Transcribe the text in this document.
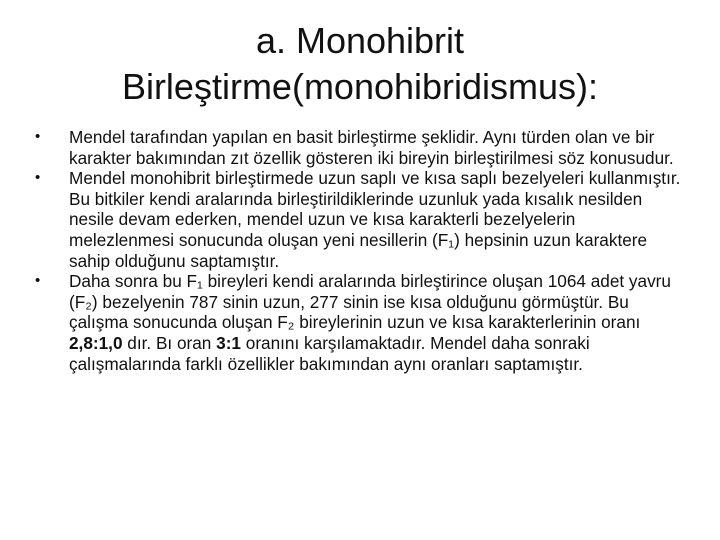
a. Monohibrit
Birleştirme(monohibridismus):
• Mendel tarafından yapılan en basit birleştirme şeklidir. Aynı türden olan ve bir karakter bakımından zıt özellik gösteren iki bireyin birleştirilmesi söz konusudur.
• Mendel monohibrit birleştirmede uzun saplı ve kısa saplı bezelyeleri kullanmıştır. Bu bitkiler kendi aralarında birleştirildiklerinde uzunluk yada kısalık nesilden nesile devam ederken, mendel uzun ve kısa karakterli bezelyelerin melezlenmesi sonucunda oluşan yeni nesillerin (F₁) hepsinin uzun karaktere sahip olduğunu saptamıştır.
• Daha sonra bu F₁ bireyleri kendi aralarında birleştirince oluşan 1064 adet yavru (F₂) bezelyenin 787 sinin uzun, 277 sinin ise kısa olduğunu görmüştür. Bu çalışma sonucunda oluşan F₂ bireylerinin uzun ve kısa karakterlerinin oranı 2,8:1,0 dır. Bı oran 3:1 oranını karşılamaktadır. Mendel daha sonraki çalışmalarında farklı özellikler bakımından aynı oranları saptamıştır.
